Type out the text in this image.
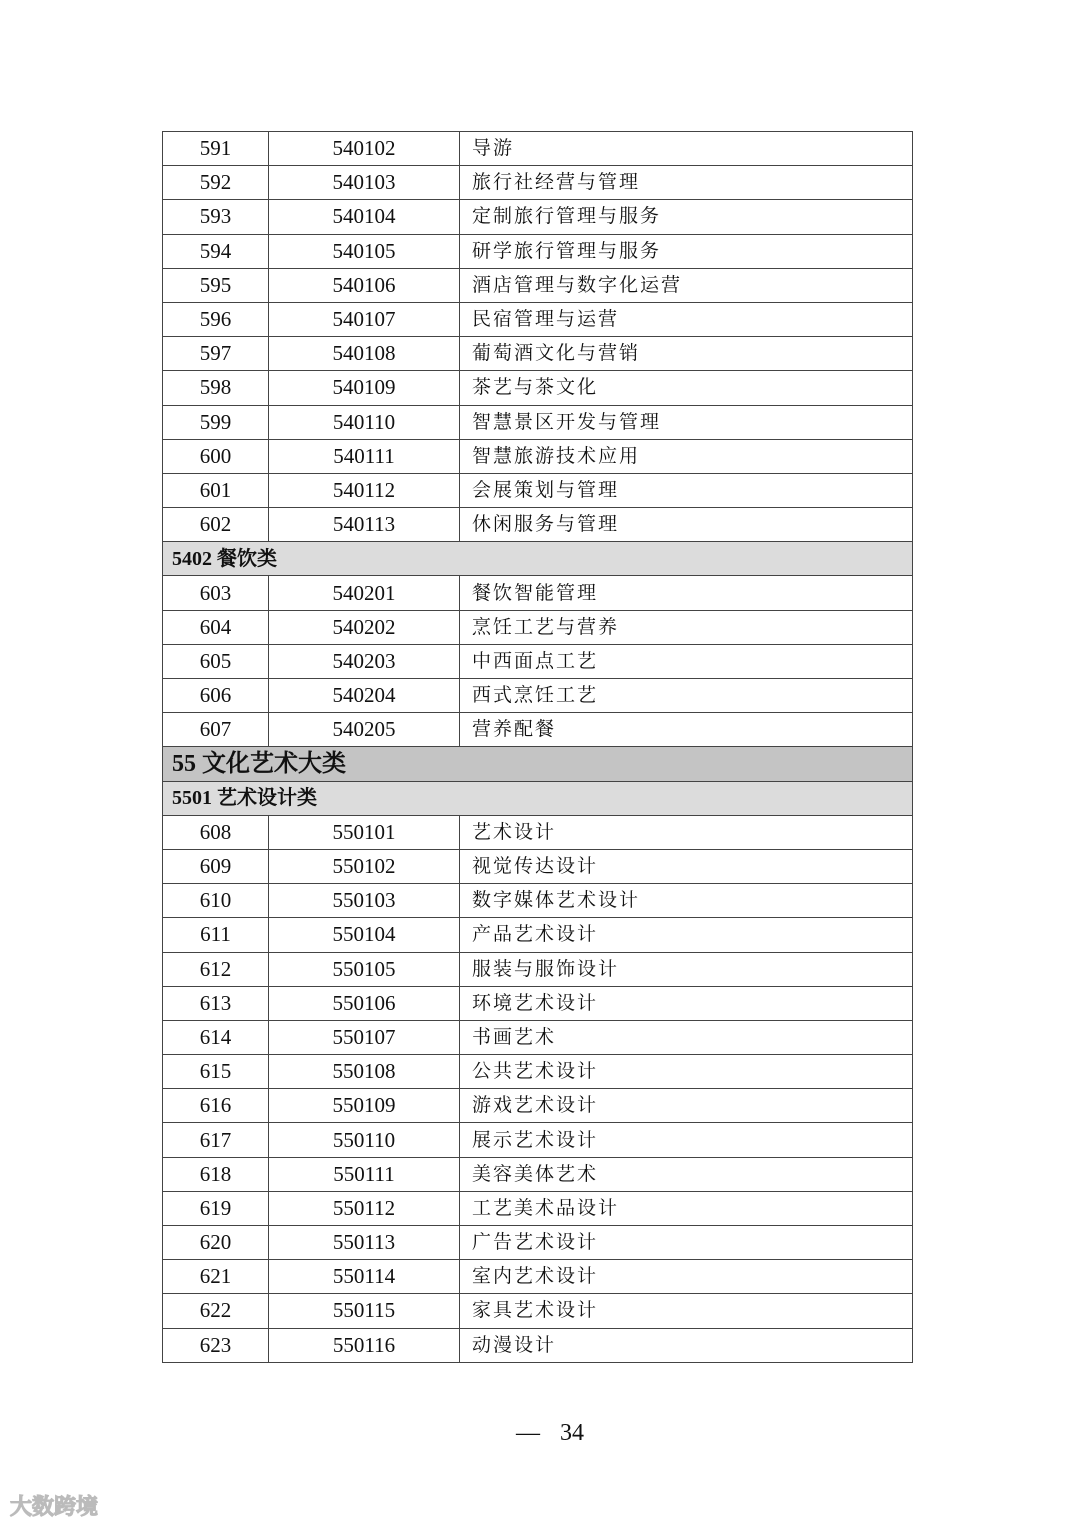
591	540102	导游
592	540103	旅行社经营与管理
593	540104	定制旅行管理与服务
594	540105	研学旅行管理与服务
595	540106	酒店管理与数字化运营
596	540107	民宿管理与运营
597	540108	葡萄酒文化与营销
598	540109	茶艺与茶文化
599	540110	智慧景区开发与管理
600	540111	智慧旅游技术应用
601	540112	会展策划与管理
602	540113	休闲服务与管理
5402 餐饮类		
603	540201	餐饮智能管理
604	540202	烹饪工艺与营养
605	540203	中西面点工艺
606	540204	西式烹饪工艺
607	540205	营养配餐
55 文化艺术大类		
5501 艺术设计类		
608	550101	艺术设计
609	550102	视觉传达设计
610	550103	数字媒体艺术设计
611	550104	产品艺术设计
612	550105	服装与服饰设计
613	550106	环境艺术设计
614	550107	书画艺术
615	550108	公共艺术设计
616	550109	游戏艺术设计
617	550110	展示艺术设计
618	550111	美容美体艺术
619	550112	工艺美术品设计
620	550113	广告艺术设计
621	550114	室内艺术设计
622	550115	家具艺术设计
623	550116	动漫设计
— 34
大数跨境
